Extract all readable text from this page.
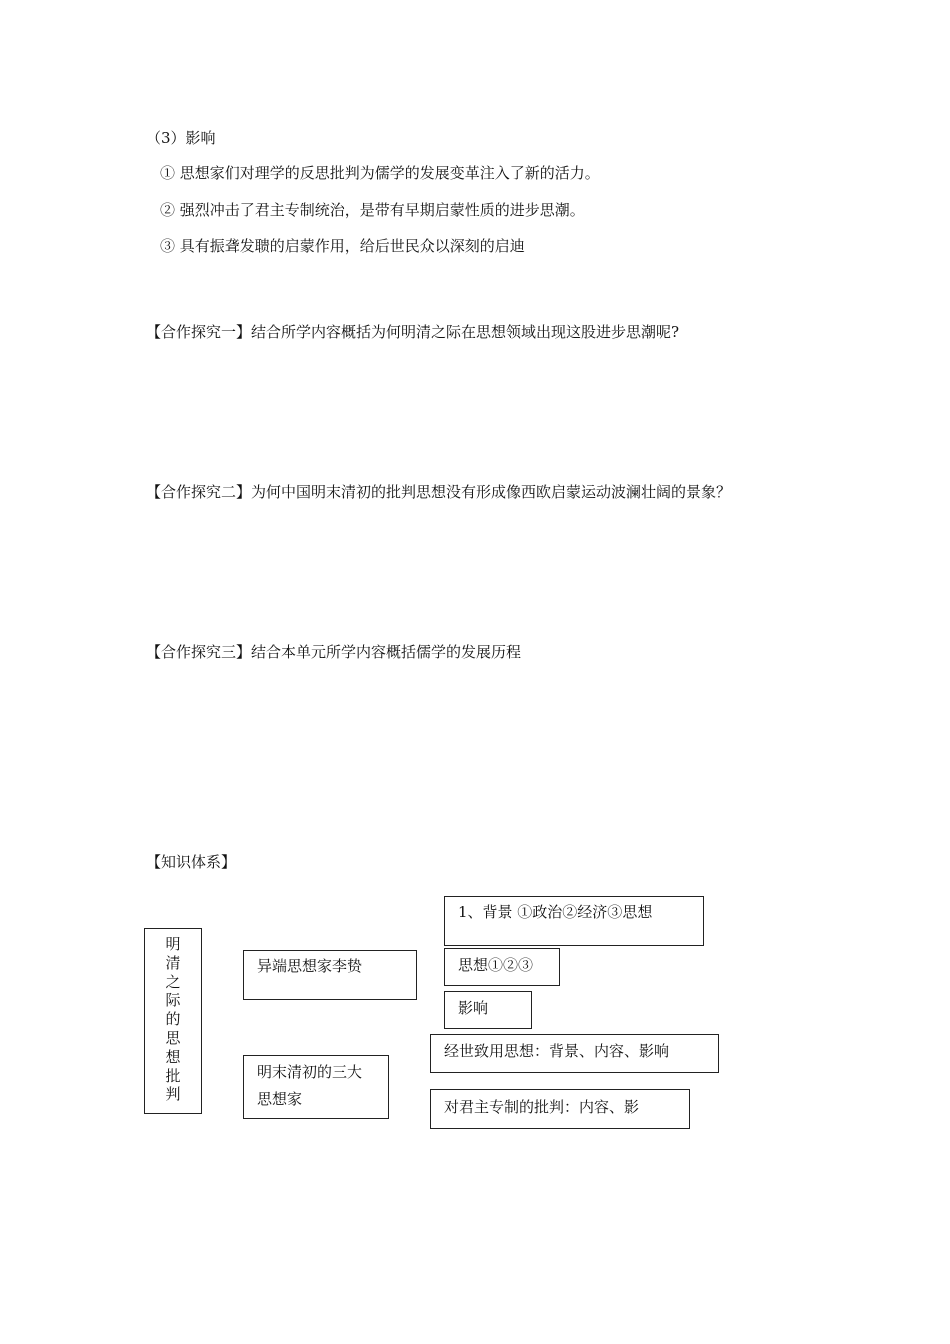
（3）影响
① 思想家们对理学的反思批判为儒学的发展变革注入了新的活力。
② 强烈冲击了君主专制统治，是带有早期启蒙性质的进步思潮。
③ 具有振聋发聩的启蒙作用，给后世民众以深刻的启迪
【合作探究一】结合所学内容概括为何明清之际在思想领域出现这股进步思潮呢?
【合作探究二】为何中国明末清初的批判思想没有形成像西欧启蒙运动波澜壮阔的景象？
【合作探究三】结合本单元所学内容概括儒学的发展历程
【知识体系】
明
清
之
际
的
思
想
批
判
异端思想家李贽
明末清初的三大
思想家
1、背景 ①政治②经济③思想
思想①②③
影响
经世致用思想：背景、内容、影响
对君主专制的批判：内容、影
